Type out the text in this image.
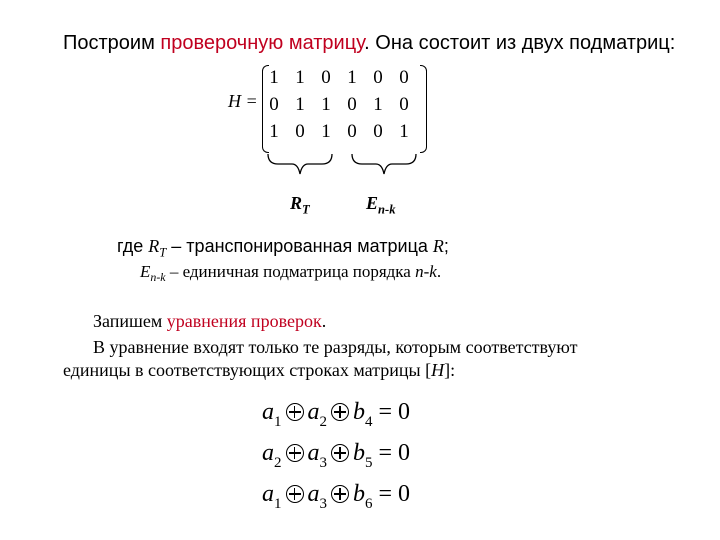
Построим проверочную матрицу. Она состоит из двух подматриц:
H =
1 1 0 1 0 0
0 1 1 0 1 0
1 0 1 0 0 1
$R_T$	$E_{n-k}$
где $R_T$ – транспонированная матрица R;
$E_{n-k}$ – единичная подматрица порядка n-k.
Запишем уравнения проверок.
В уравнение входят только те разряды, которым соответствуют
единицы в соответствующих строках матрицы [H]:
$a_1$ $a_2$ $b_4 = 0$
$a_2$ $a_3$ $b_5 = 0$
$a_1$ $a_3$ $b_6 = 0$
